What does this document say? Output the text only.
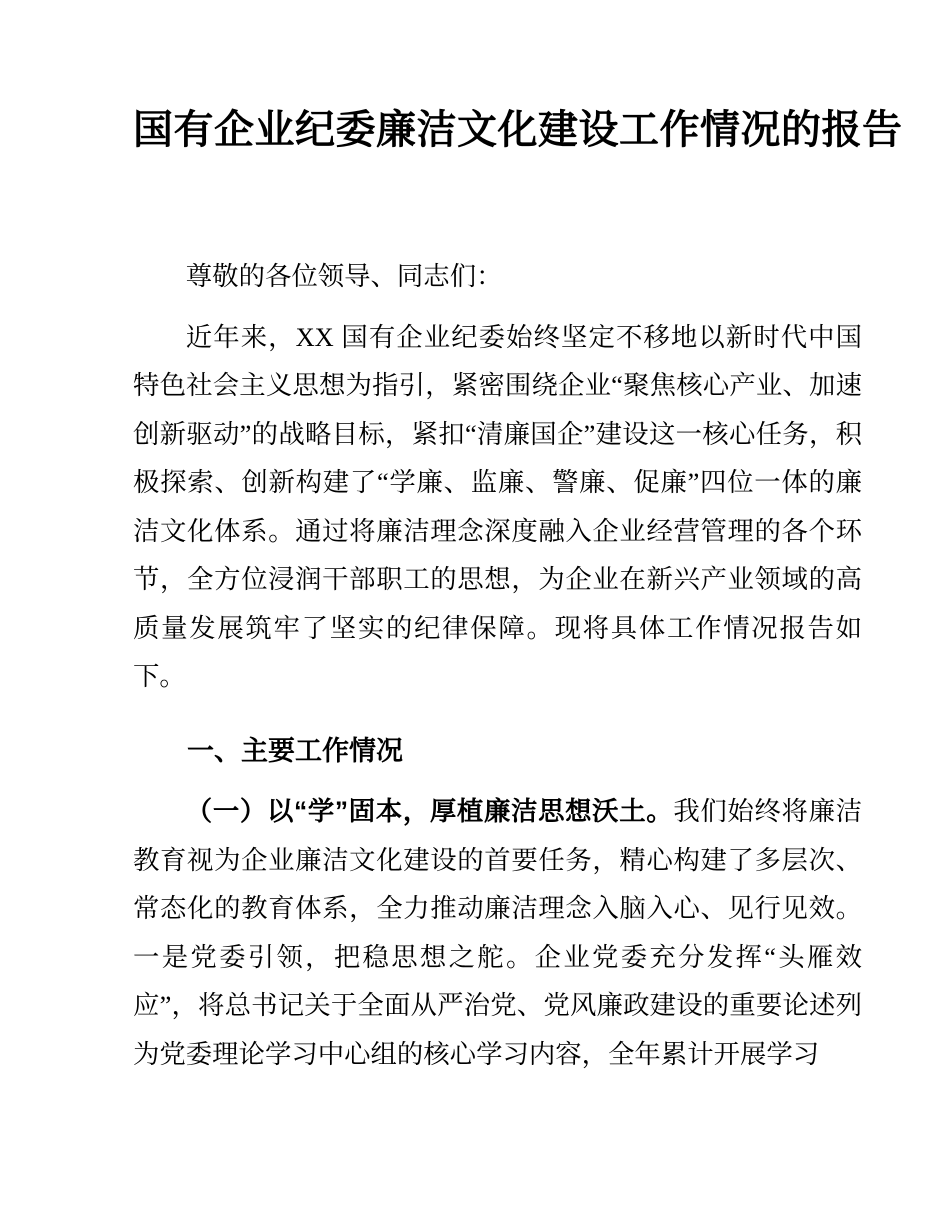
国有企业纪委廉洁文化建设工作情况的报告

尊敬的各位领导、同志们：

近年来，XX 国有企业纪委始终坚定不移地以新时代中国特色社会主义思想为指引，紧密围绕企业“聚焦核心产业、加速创新驱动”的战略目标，紧扣“清廉国企”建设这一核心任务，积极探索、创新构建了“学廉、监廉、警廉、促廉”四位一体的廉洁文化体系。通过将廉洁理念深度融入企业经营管理的各个环节，全方位浸润干部职工的思想，为企业在新兴产业领域的高质量发展筑牢了坚实的纪律保障。现将具体工作情况报告如下。

一、主要工作情况

（一）以“学”固本，厚植廉洁思想沃土。我们始终将廉洁教育视为企业廉洁文化建设的首要任务，精心构建了多层次、常态化的教育体系，全力推动廉洁理念入脑入心、见行见效。一是党委引领，把稳思想之舵。企业党委充分发挥“头雁效应”，将总书记关于全面从严治党、党风廉政建设的重要论述列为党委理论学习中心组的核心学习内容，全年累计开展学习
